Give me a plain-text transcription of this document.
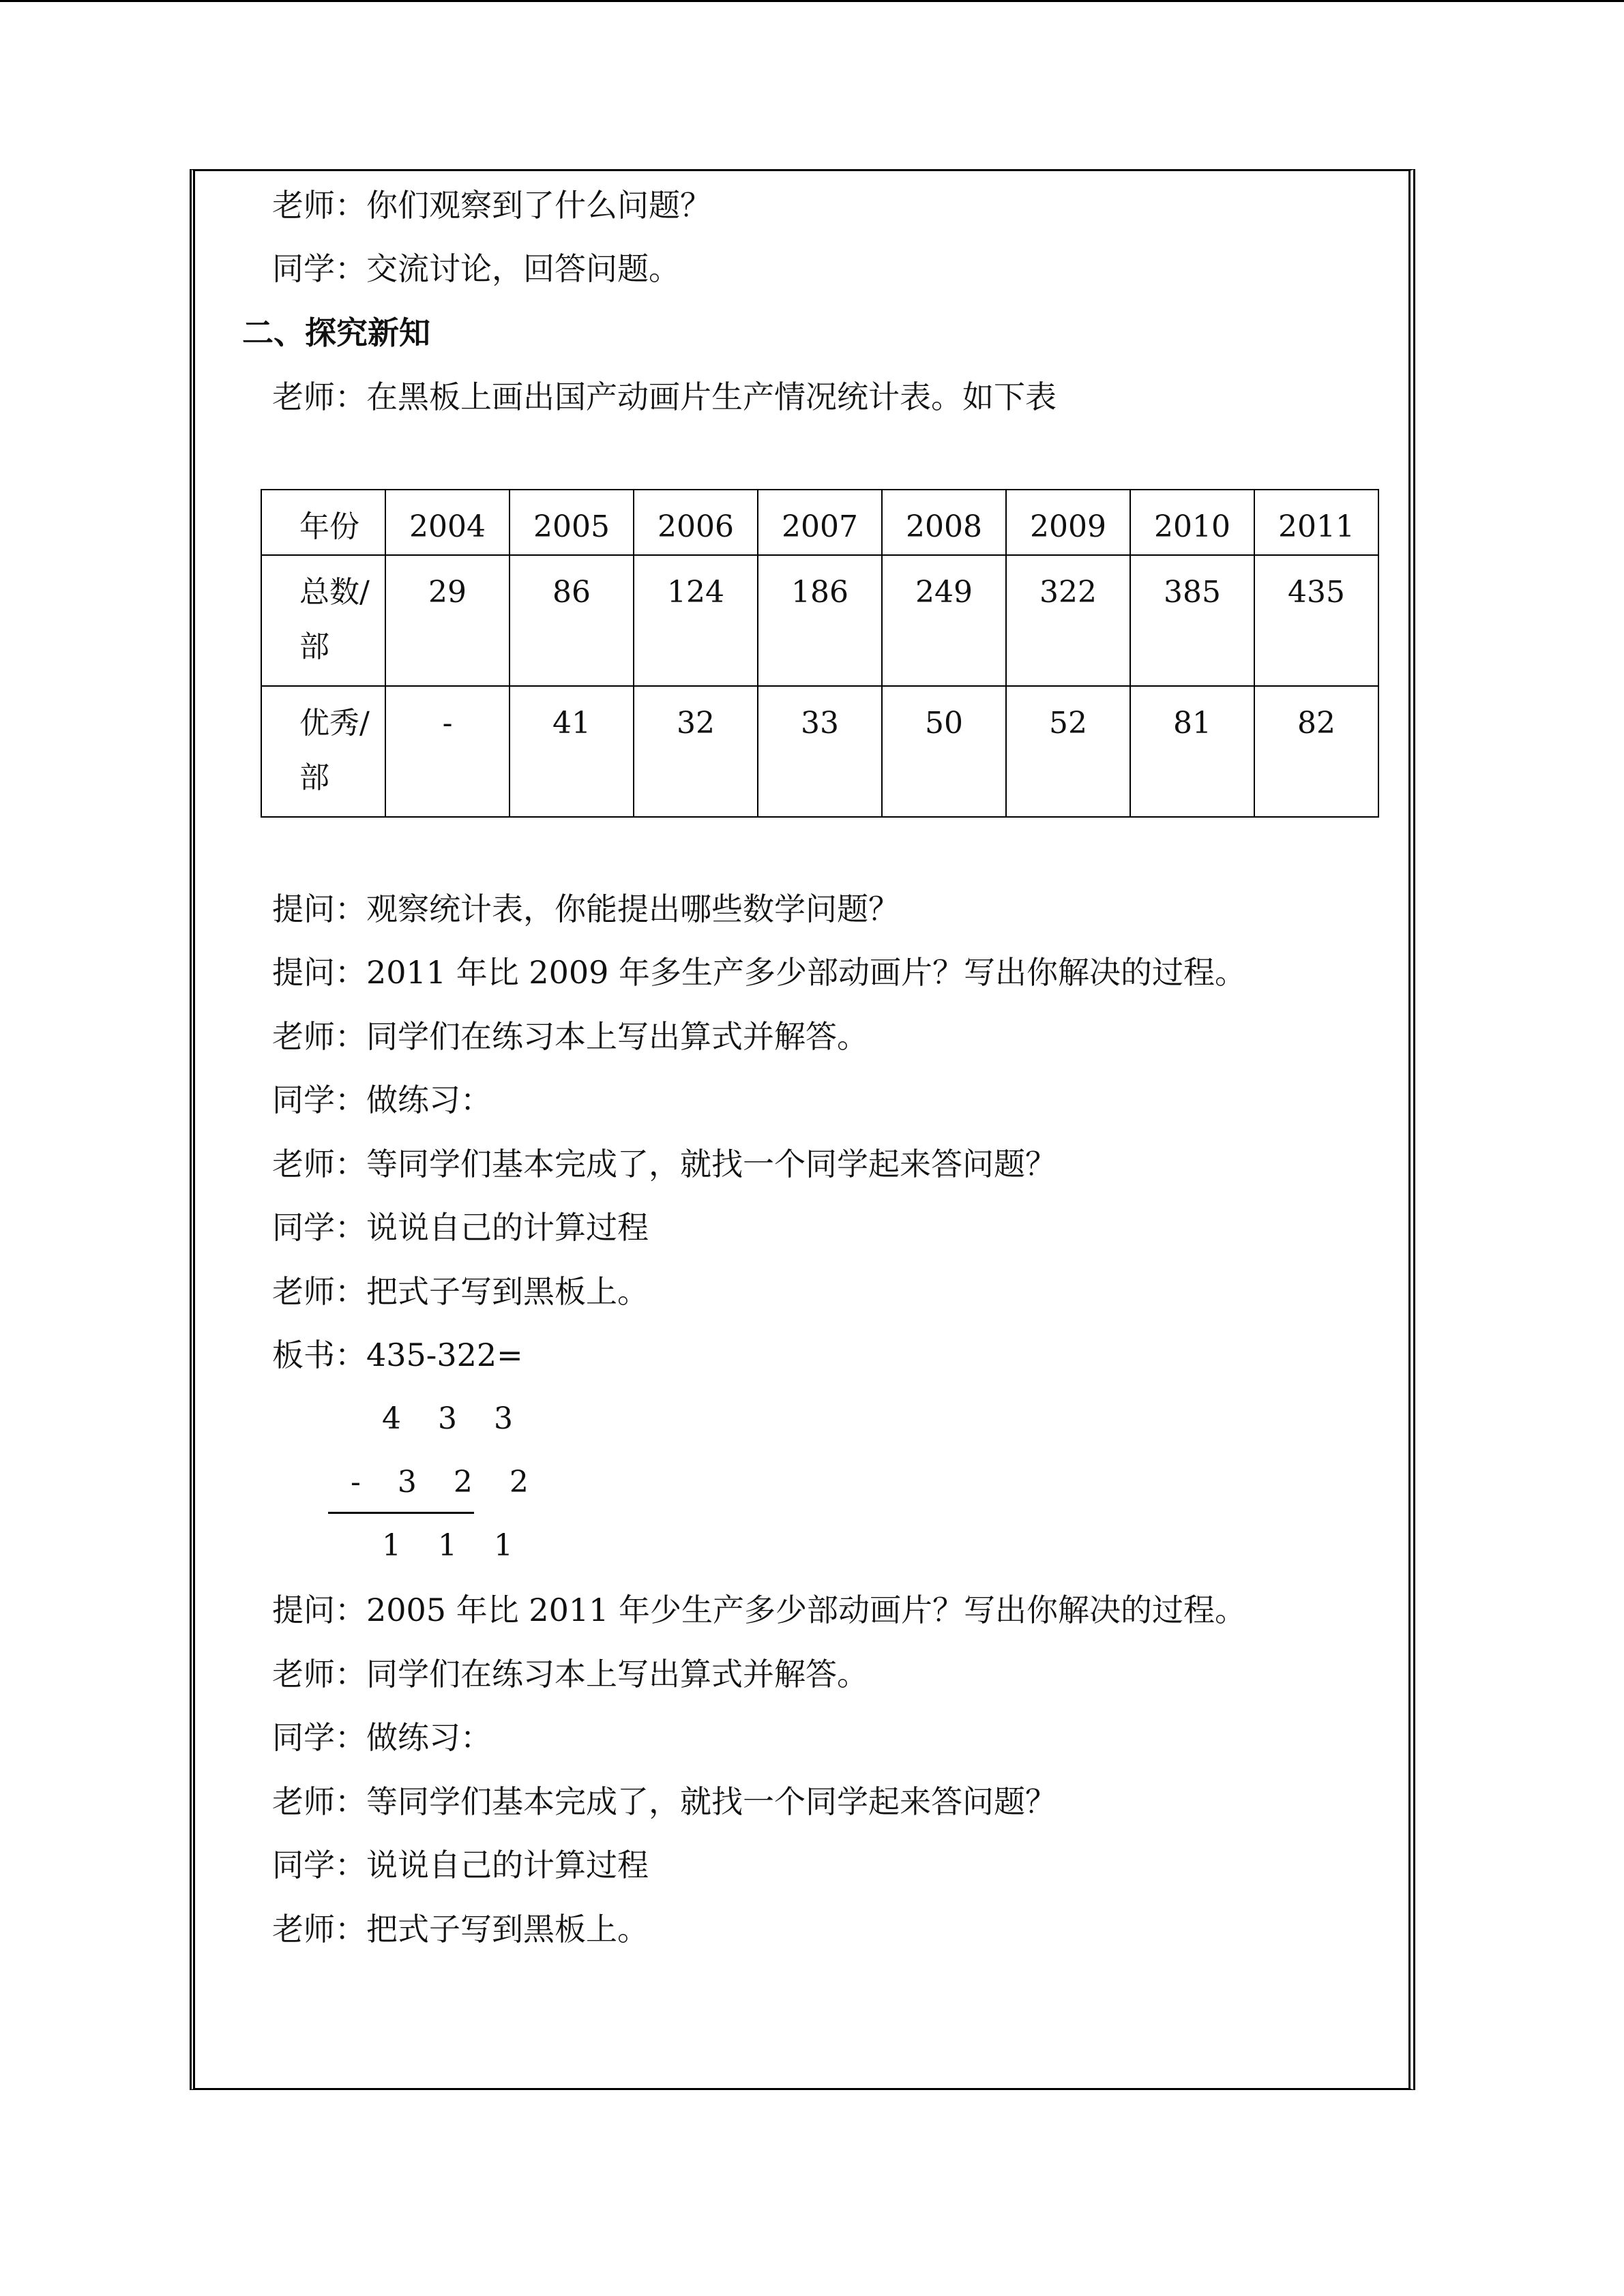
老师：你们观察到了什么问题？
同学：交流讨论，回答问题。
二、探究新知
老师：在黑板上画出国产动画片生产情况统计表。如下表
年份	2004	2005	2006	2007	2008	2009	2010	2011
总数/部	29	86	124	186	249	322	385	435
优秀/部	-	41	32	33	50	52	81	82
提问：观察统计表，你能提出哪些数学问题？
提问：2011 年比 2009 年多生产多少部动画片？写出你解决的过程。
老师：同学们在练习本上写出算式并解答。
同学：做练习：
老师：等同学们基本完成了，就找一个同学起来答问题？
同学：说说自己的计算过程
老师：把式子写到黑板上。
板书：435-322=
4 3 3
- 3 2 2
1 1 1
提问：2005 年比 2011 年少生产多少部动画片？写出你解决的过程。
老师：同学们在练习本上写出算式并解答。
同学：做练习：
老师：等同学们基本完成了，就找一个同学起来答问题？
同学：说说自己的计算过程
老师：把式子写到黑板上。
